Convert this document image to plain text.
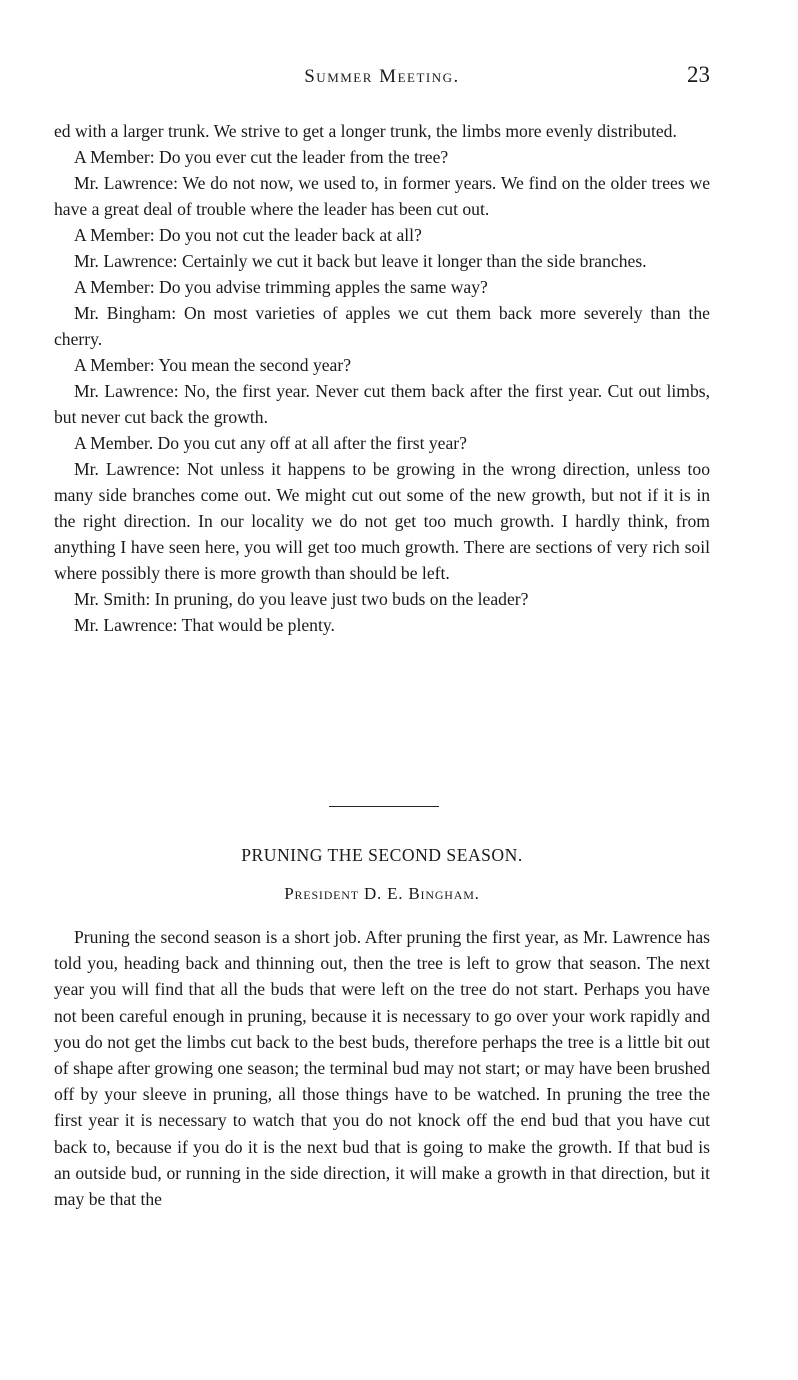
Summer Meeting.	23

ed with a larger trunk. We strive to get a longer trunk, the limbs more evenly distributed.

A Member: Do you ever cut the leader from the tree?

Mr. Lawrence: We do not now, we used to, in former years. We find on the older trees we have a great deal of trouble where the leader has been cut out.

A Member: Do you not cut the leader back at all?

Mr. Lawrence: Certainly we cut it back but leave it longer than the side branches.

A Member: Do you advise trimming apples the same way?

Mr. Bingham: On most varieties of apples we cut them back more severely than the cherry.

A Member: You mean the second year?

Mr. Lawrence: No, the first year. Never cut them back after the first year. Cut out limbs, but never cut back the growth.

A Member. Do you cut any off at all after the first year?

Mr. Lawrence: Not unless it happens to be growing in the wrong direction, unless too many side branches come out. We might cut out some of the new growth, but not if it is in the right direction. In our locality we do not get too much growth. I hardly think, from anything I have seen here, you will get too much growth. There are sections of very rich soil where possibly there is more growth than should be left.

Mr. Smith: In pruning, do you leave just two buds on the leader?

Mr. Lawrence: That would be plenty.

PRUNING THE SECOND SEASON.
President D. E. Bingham.

Pruning the second season is a short job. After pruning the first year, as Mr. Lawrence has told you, heading back and thinning out, then the tree is left to grow that season. The next year you will find that all the buds that were left on the tree do not start. Perhaps you have not been careful enough in pruning, because it is necessary to go over your work rapidly and you do not get the limbs cut back to the best buds, therefore perhaps the tree is a little bit out of shape after growing one season; the terminal bud may not start; or may have been brushed off by your sleeve in pruning, all those things have to be watched. In pruning the tree the first year it is necessary to watch that you do not knock off the end bud that you have cut back to, because if you do it is the next bud that is going to make the growth. If that bud is an outside bud, or running in the side direction, it will make a growth in that direction, but it may be that the
